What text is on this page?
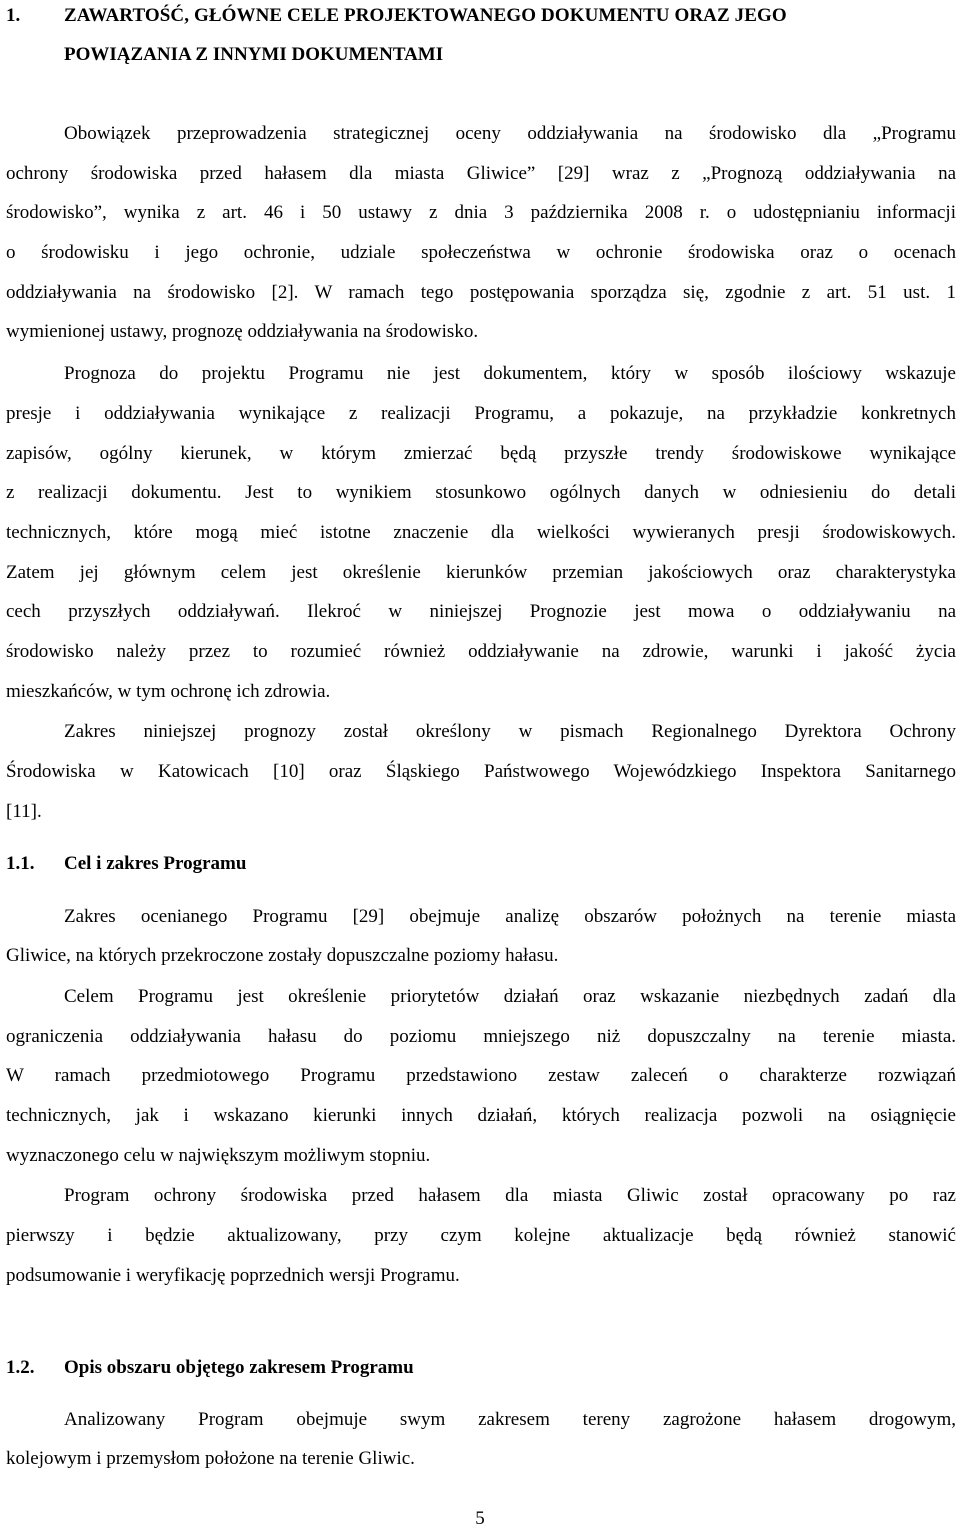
1. ZAWARTOŚĆ, GŁÓWNE CELE PROJEKTOWANEGO DOKUMENTU ORAZ JEGO
POWIĄZANIA Z INNYMI DOKUMENTAMI
Obowiązek przeprowadzenia strategicznej oceny oddziaływania na środowisko dla „Programu
ochrony środowiska przed hałasem dla miasta Gliwice” [29] wraz z „Prognozą oddziaływania na
środowisko”, wynika z art. 46 i 50 ustawy z dnia 3 października 2008 r. o udostępnianiu informacji
o środowisku i jego ochronie, udziale społeczeństwa w ochronie środowiska oraz o ocenach
oddziaływania na środowisko [2]. W ramach tego postępowania sporządza się, zgodnie z art. 51 ust. 1
wymienionej ustawy, prognozę oddziaływania na środowisko.
Prognoza do projektu Programu nie jest dokumentem, który w sposób ilościowy wskazuje
presje i oddziaływania wynikające z realizacji Programu, a pokazuje, na przykładzie konkretnych
zapisów, ogólny kierunek, w którym zmierzać będą przyszłe trendy środowiskowe wynikające
z realizacji dokumentu. Jest to wynikiem stosunkowo ogólnych danych w odniesieniu do detali
technicznych, które mogą mieć istotne znaczenie dla wielkości wywieranych presji środowiskowych.
Zatem jej głównym celem jest określenie kierunków przemian jakościowych oraz charakterystyka
cech przyszłych oddziaływań. Ilekroć w niniejszej Prognozie jest mowa o oddziaływaniu na
środowisko należy przez to rozumieć również oddziaływanie na zdrowie, warunki i jakość życia
mieszkańców, w tym ochronę ich zdrowia.
Zakres niniejszej prognozy został określony w pismach Regionalnego Dyrektora Ochrony
Środowiska w Katowicach [10] oraz Śląskiego Państwowego Wojewódzkiego Inspektora Sanitarnego
[11].
1.1. Cel i zakres Programu
Zakres ocenianego Programu [29] obejmuje analizę obszarów położnych na terenie miasta
Gliwice, na których przekroczone zostały dopuszczalne poziomy hałasu.
Celem Programu jest określenie priorytetów działań oraz wskazanie niezbędnych zadań dla
ograniczenia oddziaływania hałasu do poziomu mniejszego niż dopuszczalny na terenie miasta.
W ramach przedmiotowego Programu przedstawiono zestaw zaleceń o charakterze rozwiązań
technicznych, jak i wskazano kierunki innych działań, których realizacja pozwoli na osiągnięcie
wyznaczonego celu w największym możliwym stopniu.
Program ochrony środowiska przed hałasem dla miasta Gliwic został opracowany po raz
pierwszy i będzie aktualizowany, przy czym kolejne aktualizacje będą również stanowić
podsumowanie i weryfikację poprzednich wersji Programu.
1.2. Opis obszaru objętego zakresem Programu
Analizowany Program obejmuje swym zakresem tereny zagrożone hałasem drogowym,
kolejowym i przemysłom położone na terenie Gliwic.
5
